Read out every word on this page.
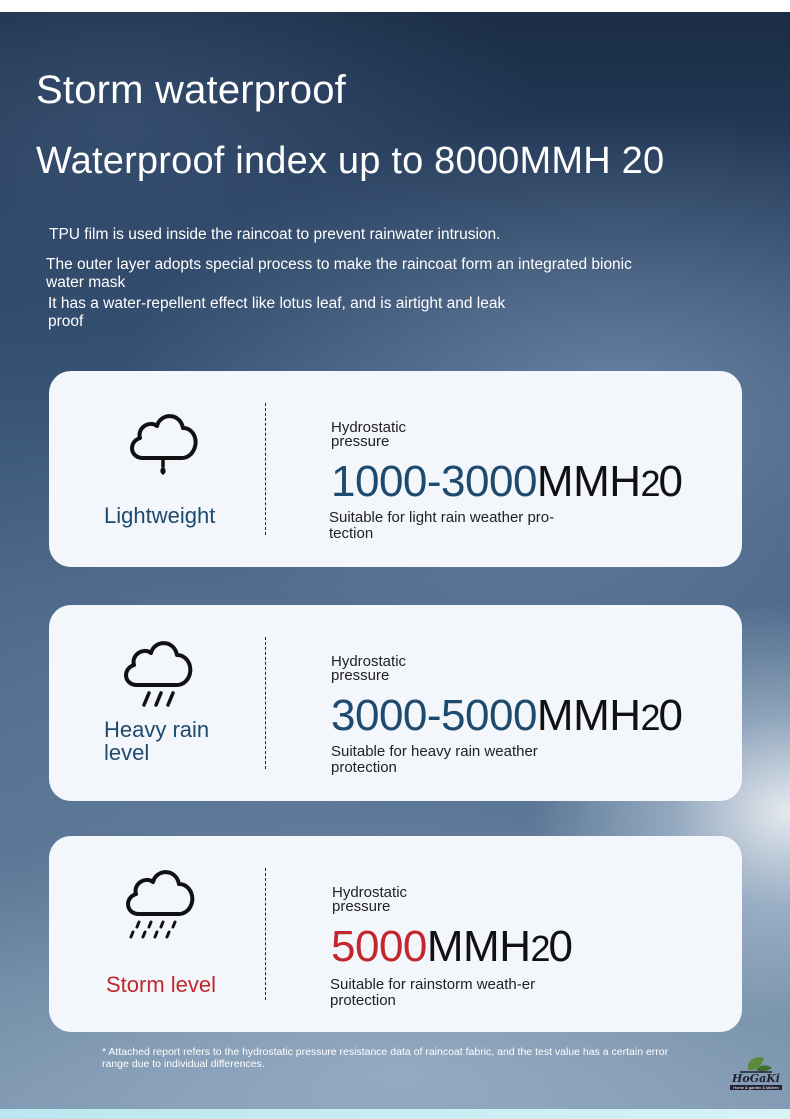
Storm waterproof
Waterproof index up to 8000MMH 20

TPU film is used inside the raincoat to prevent rainwater intrusion.

The outer layer adopts special process to make the raincoat form an integrated bionic water mask

It has a water-repellent effect like lotus leaf, and is airtight and leak proof

Lightweight
Hydrostatic pressure
1000-3000MMH20
Suitable for light rain weather pro-tection
Heavy rain level
Hydrostatic pressure
3000-5000MMH20
Suitable for heavy rain weather protection
Storm level
Hydrostatic pressure
5000MMH20
Suitable for rainstorm weath-er protection

* Attached report refers to the hydrostatic pressure resistance data of raincoat fabric, and the test value has a certain error range due to individual differences.

HoGaKi
Home & garden & kitchen
